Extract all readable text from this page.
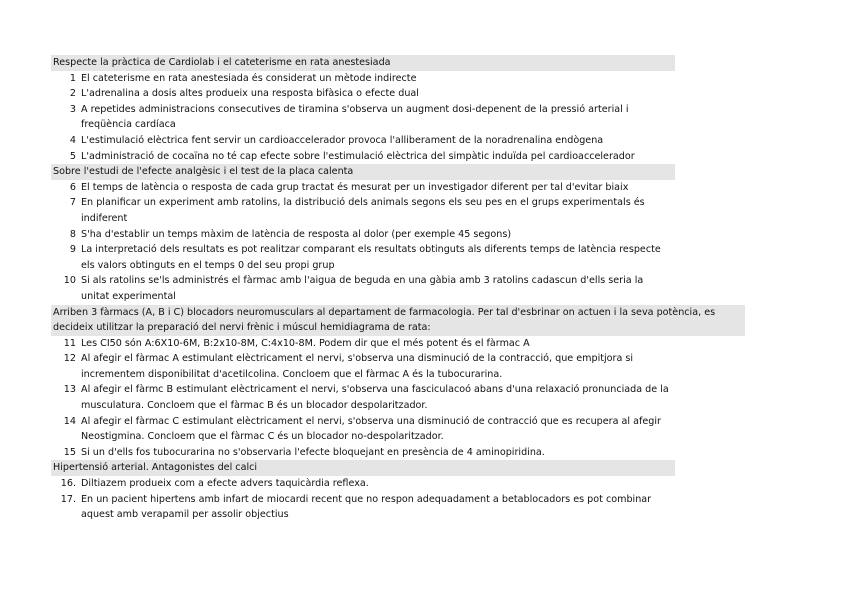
Respecte la pràctica de Cardiolab i el cateterisme en rata anestesiada
1 El cateterisme en rata anestesiada és considerat un mètode indirecte
2 L'adrenalina a dosis altes produeix una resposta bifàsica o efecte dual
3 A repetides administracions consecutives de tiramina s'observa un augment dosi-depenent de la pressió arterial i freqüència cardíaca
4 L'estimulació elèctrica fent servir un cardioaccelerador provoca l'alliberament de la noradrenalina endògena
5 L'administració de cocaïna no té cap efecte sobre l'estimulació elèctrica del simpàtic induïda pel cardioaccelerador
Sobre l'estudi de l'efecte analgèsic i el test de la placa calenta
6 El temps de latència o resposta de cada grup tractat és mesurat per un investigador diferent per tal d'evitar biaix
7 En planificar un experiment amb ratolins, la distribució dels animals segons els seu pes en el grups experimentals és indiferent
8 S'ha d'establir un temps màxim de latència de resposta al dolor (per exemple 45 segons)
9 La interpretació dels resultats es pot realitzar comparant els resultats obtinguts als diferents temps de latència respecte els valors obtinguts en el temps 0 del seu propi grup
10 Si als ratolins se'ls administrés el fàrmac amb l'aigua de beguda en una gàbia amb 3 ratolins cadascun d'ells seria la unitat experimental
Arriben 3 fàrmacs (A, B i C) blocadors neuromusculars al departament de farmacologia. Per tal d'esbrinar on actuen i la seva potència, es decideix utilitzar la preparació del nervi frènic i múscul hemidiagrama de rata:
11 Les CI50 són A:6X10-6M, B:2x10-8M, C:4x10-8M. Podem dir que el més potent és el fàrmac A
12 Al afegir el fàrmac A estimulant elèctricament el nervi, s'observa una disminució de la contracció, que empitjora si incrementem disponibilitat d'acetilcolina. Concloem que el fàrmac A és la tubocurarina.
13 Al afegir el fàrmc B estimulant elèctricament el nervi, s'observa una fasciculacoó abans d'una relaxació pronunciada de la musculatura. Concloem que el fàrmac B és un blocador despolaritzador.
14 Al afegir el fàrmac C estimulant elèctricament el nervi, s'observa una disminució de contracció que es recupera al afegir Neostigmina. Concloem que el fàrmac C és un blocador no-despolaritzador.
15 Si un d'ells fos tubocurarina no s'observaria l'efecte bloquejant en presència de 4 aminopiridina.
Hipertensió arterial. Antagonistes del calci
16. Diltiazem produeix com a efecte advers taquicàrdia reflexa.
17. En un pacient hipertens amb infart de miocardi recent que no respon adequadament a betablocadors es pot combinar aquest amb verapamil per assolir objectius
